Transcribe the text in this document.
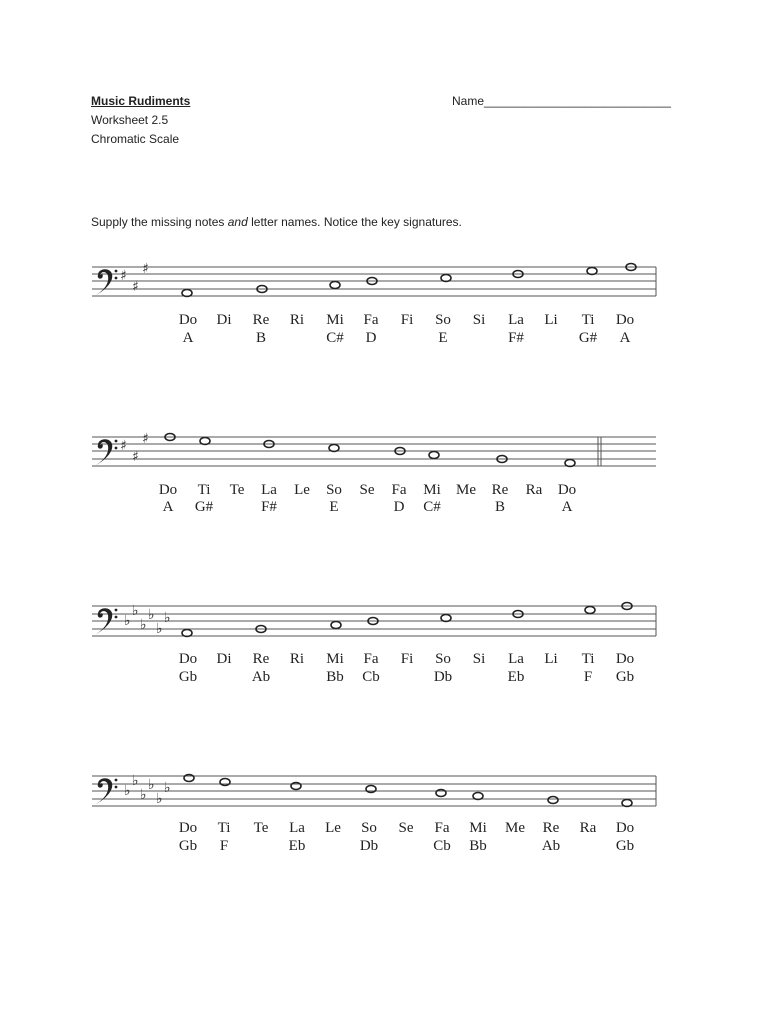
Music Rudiments
Worksheet 2.5
Chromatic Scale
Name____________________________
Supply the missing notes and letter names. Notice the key signatures.
♯
♯
♯
♯
♯
♯
♭
♭
♭
♭
♭
♭
♭
♭
♭
♭
♭
♭
Do
A
Di Re
B
Ri Mi
C#
Fa
D
Fi So
E
Si La
F#
Li Ti
G#
Do
A
Do
A
Ti
G#
Te La
F#
Le So
E
Se Fa
D
Mi
C#
Me Re
B
Ra Do
A
Do
Gb
Di Re
Ab
Ri Mi
Bb
Fa
Cb
Fi So
Db
Si La
Eb
Li Ti
F
Do
Gb
Do
Gb
Ti
F
Te La
Eb
Le So
Db
Se Fa
Cb
Mi
Bb
Me Re
Ab
Ra Do
Gb
